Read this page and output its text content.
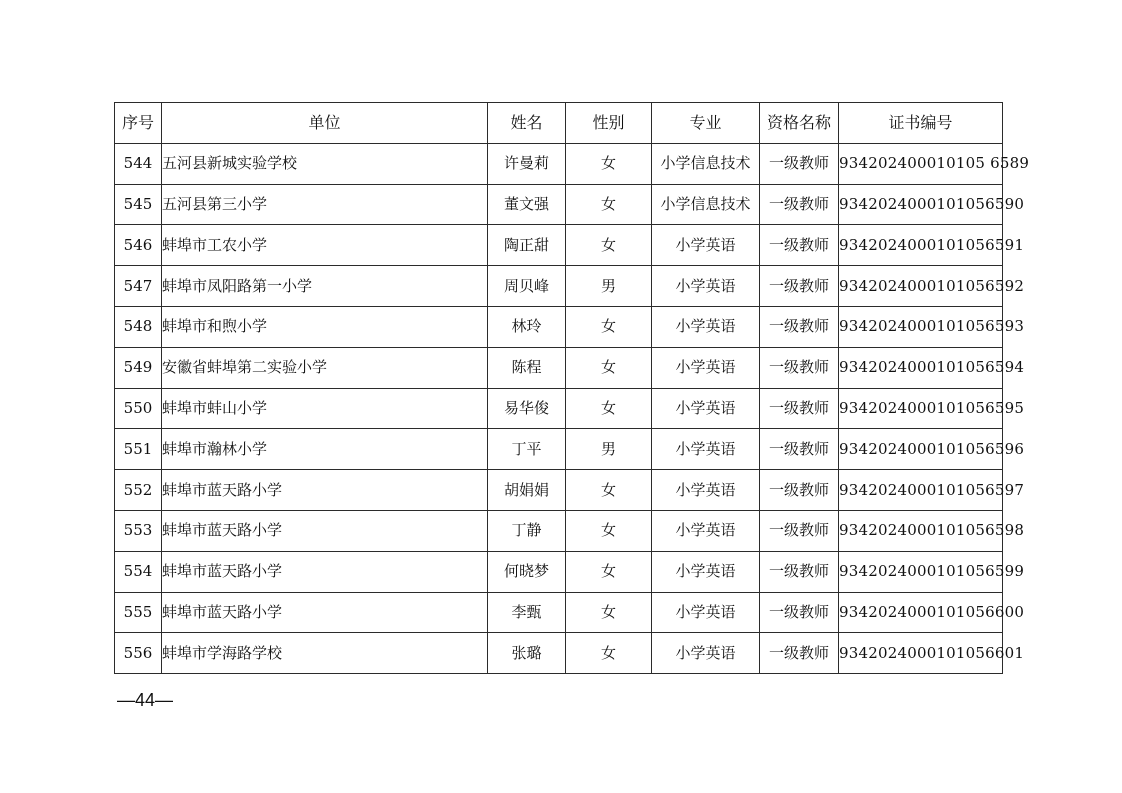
序号	单位	姓名	性别	专业	资格名称	证书编号
544	五河县新城实验学校	许曼莉	女	小学信息技术	一级教师	934202400010105 6589
545	五河县第三小学	董文强	女	小学信息技术	一级教师	9342024000101056590
546	蚌埠市工农小学	陶正甜	女	小学英语	一级教师	9342024000101056591
547	蚌埠市凤阳路第一小学	周贝峰	男	小学英语	一级教师	9342024000101056592
548	蚌埠市和煦小学	林玲	女	小学英语	一级教师	9342024000101056593
549	安徽省蚌埠第二实验小学	陈程	女	小学英语	一级教师	9342024000101056594
550	蚌埠市蚌山小学	易华俊	女	小学英语	一级教师	9342024000101056595
551	蚌埠市瀚林小学	丁平	男	小学英语	一级教师	9342024000101056596
552	蚌埠市蓝天路小学	胡娟娟	女	小学英语	一级教师	9342024000101056597
553	蚌埠市蓝天路小学	丁静	女	小学英语	一级教师	9342024000101056598
554	蚌埠市蓝天路小学	何晓梦	女	小学英语	一级教师	9342024000101056599
555	蚌埠市蓝天路小学	李甄	女	小学英语	一级教师	9342024000101056600
556	蚌埠市学海路学校	张璐	女	小学英语	一级教师	9342024000101056601
—44—
